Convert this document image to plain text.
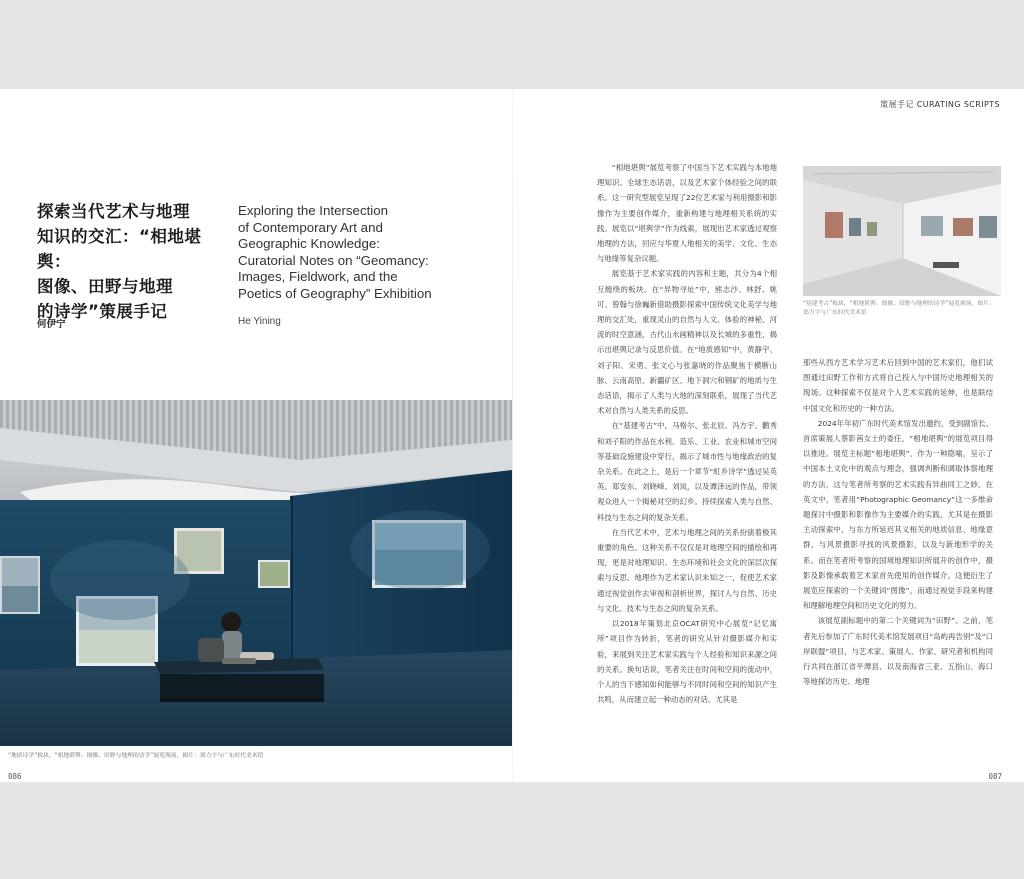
策展手记 CURATING SCRIPTS
探索当代艺术与地理
知识的交汇：“相地堪舆：
图像、田野与地理
的诗学”策展手记
Exploring the Intersection
of Contemporary Art and
Geographic Knowledge:
Curatorial Notes on “Geomancy:
Images, Fieldwork, and the
Poetics of Geography” Exhibition
何伊宁	He Yining
“地质诗学”板块，“相地堪舆：图像、田野与地理的诗学”展览现场，图片：郑力宇与广东时代美术馆
“基建考古”板块，“相地堪舆：图像、田野与地理的诗学”展览现场，图片：郑力宇与广东时代美术馆

“相地堪舆”展览考察了中国当下艺术实践与本地地理知识、全球生态话语，以及艺术家个体经验之间的联系。这一研究型展览呈现了22位艺术家与利用摄影和影像作为主要创作媒介，重新构建与地理相关系统的实践。展览以“堪舆学”作为线索，展现出艺术家透过观察地理的方法，回应与华夏人地相关的美学、文化、生态与地缘等复杂议题。

展览基于艺术家实践的内容和主题，共分为4个相互缠绕的板块。在“异物寻址”中，熊志沙、林舒、姚可、曾翰与徐巍新借助摄影探索中国传统文化美学与地理的交汇处，重现灵山的自然与人文、体验的神秘、河流的时空意涵，古代山水画精神以及长城的多重性，揭示出堪舆记录与反思价值。在“地质感知”中，黄静宇、刘子阳、宋勇、张文心与张嘉晓的作品聚焦于横断山脉、云南高原、新疆矿区、地下洞穴和钢矿的地质与生态话语，揭示了人类与大地的深刻联系，展现了当代艺术对自然与人类关系的反思。

在“基建考古”中，马格尔、张北辰、冯方宇、鹳秀和刘子阳的作品在水利、造乐、工业、农业和城市空间等基础设施建设中穿行，揭示了城市性与地缘政治的复杂关系。在此之上，是后一个章节“虹乡诗学”透过吴英英、郑安东、刘晓峰、刘岚，以及谭泽远的作品，带领观众进入一个揭秘对空的幻乡。持续探索人类与自然、科技与生态之间的复杂关系。

在当代艺术中，艺术与地理之间的关系扮演着极其重要的角色。这种关系不仅仅是对地理空间的描绘和再现，更是对地理知识、生态环境和社会文化的深层次探索与反思。地理作为艺术家认识未知之一，促使艺术家通过视觉创作去审视和剖析世界，探讨人与自然、历史与文化、技术与生态之间的复杂关系。

以2018年策划北京OCAT研究中心展览“记忆寓所”项目作为转折，笔者的研究从针对摄影媒介和实验，来展到关注艺术家实践与个人经验和知识来源之间的关系。换句话说，笔者关注在时间和空间的流动中，个人的当下感知如何能够与不同时间和空间的知识产生共鸣，从而建立起一种动态的对话。尤其是

那些从西方艺术学习艺术后回到中国的艺术家们，他们试图通过田野工作和方式将自己投入与中国历史地理相关的现场。这种探索不仅是对个人艺术实践的延伸，也是联结中国文化和历史的一种方法。

2024年年初广东时代美术馆发出邀约，受到副馆长、首席策展人蔡影茜女士的委任，“相地堪舆”的展览项目得以推进。展览主标题“相地堪舆”，作为一种隐喻，呈示了中国本土文化中的观点与理念，强调判断和调取体察地理的方法，这与笔者所考察的艺术实践有异曲同工之妙。在英文中，笔者用“Photographic Geomancy”这一多维命题探讨中摄影和影像作为主要媒介的实践，尤其是在摄影主动探索中，与东方所延迟其义相关的地质信息、地缘意群，与风景摄影寻找的风景摄影，以及与新地形学的关系。而在笔者所考察的国境地理知识所展开的创作中，摄影及影像承载着艺术家首先使用的创作媒介。这便衍生了展览应探索的一个关键词“图像”，而通过视觉手段来构建和理解地理空间和历史文化的努力。

该展览副标题中的第二个关键词为“田野”。之前，笔者先后参加了广东时代美术馆发展项目“岛屿再告别”及“口岸联盟”项目，与艺术家、策展人、作家、研究者和机构同行共同在浙江省平潭县、以及南海省三亚、五指山、海口等地探访历史、地理

086	087
